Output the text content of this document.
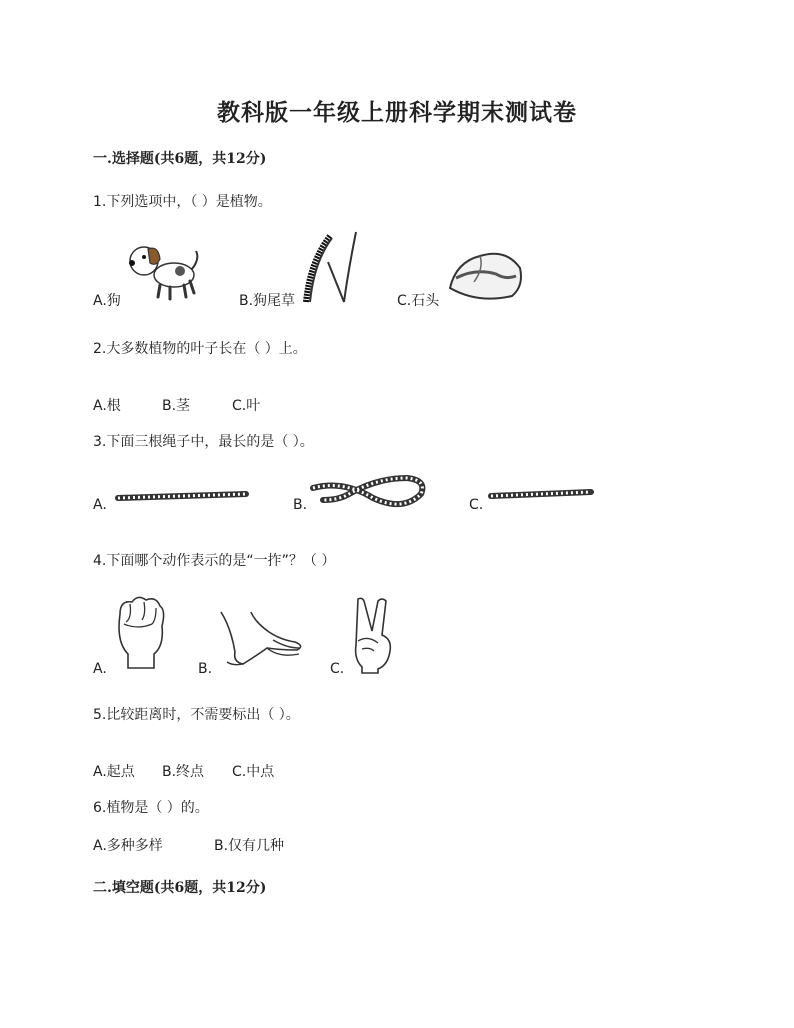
教科版一年级上册科学期末测试卷
一.选择题(共6题，共12分)
1.下列选项中，（ ）是植物。
A.狗	B.狗尾草	C.石头
2.大多数植物的叶子长在（ ）上。
A.根	B.茎	C.叶
3.下面三根绳子中，最长的是（ ）。
A.	B.	C.
4.下面哪个动作表示的是“一拃”？（ ）
A.	B.	C.
5.比较距离时，不需要标出（ ）。
A.起点 B.终点 C.中点
6.植物是（ ）的。
A.多种多样	B.仅有几种
二.填空题(共6题，共12分)
